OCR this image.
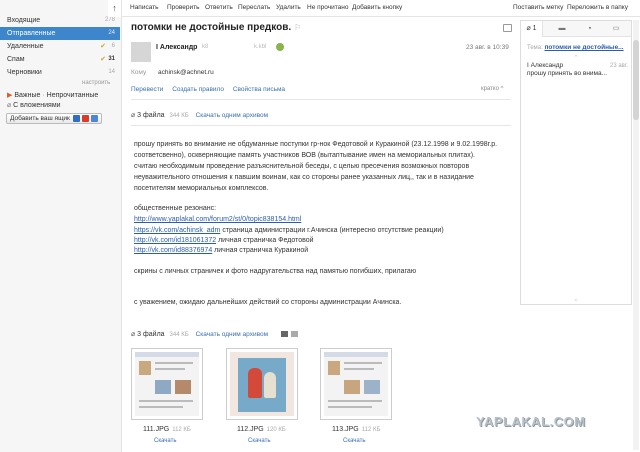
Входящие	278
Отправленные	24
Удаленные	✔ 6
Спам	✔ 31
Черновики	14
настроить
▶ Важные · Непрочитанные
⌀ С вложениями
Добавить ваш ящик
↑	Написать Проверить Ответить Переслать Удалить Не прочитано Добавить кнопку	Поставить метку Переложить в папку
потомки не достойные предков. ⚐
I Александр k8	k.kbl	23 авг. в 10:39
Кому achinsk@achnet.ru
Перевести Создать правило Свойства письма	кратко ^
⌀ 3 файла 344 КБ Скачать одним архивом
прошу принять во внимание не обдуманные поступки гр-нок Федотовой и Куракиной (23.12.1998 и 9.02.1998г.р.
соответсвенно), оскверняющие память участников ВОВ (вытаптывание имен на мемориальных плитах).
считаю необходимым проведение разъяснительной беседы, с целью пресечения возможных повторов
неуважительного отношения к павшим воинам, как со стороны ранее указанных лиц,, так и в назидание
посетителям мемориальных комплексов.
общественные резонанс:
http://www.yaplakal.com/forum2/st/0/topic838154.html
https://vk.com/achinsk_adm страница администрации г.Ачинска (интересно отсутствие реакции)
http://vk.com/id181061372 личная страничка Федотовой
http://vk.com/id88376974 личная страничка Куракиной
скрины с личных страничек и фото надругательства над памятью погибших, прилагаю
с уважением, ожидаю дальнейших действий со стороны администрации Ачинска.
⌀ 3 файла 344 КБ Скачать одним архивом
111.JPG 112 КБ	112.JPG 120 КБ	113.JPG 112 КБ
Скачать	Скачать	Скачать
⌀ 1	▬	▪	▭
Тема: потомки не достойные...
⌃
I Александр
прошу принять во внима...
23 авг.
⌄
YAPLAKAL.COM
